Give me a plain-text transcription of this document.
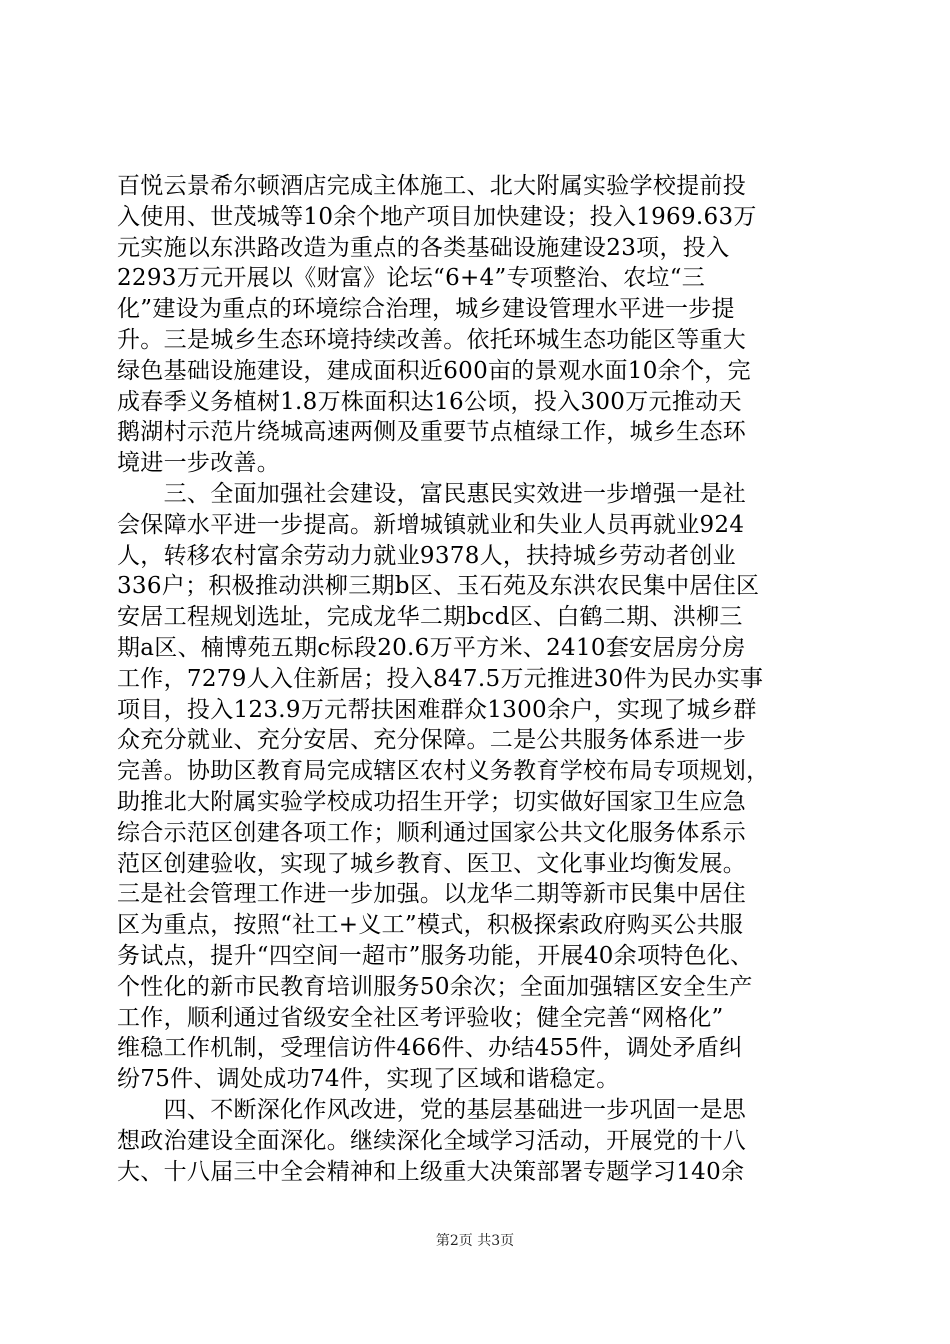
百悦云景希尔顿酒店完成主体施工、北大附属实验学校提前投
入使用、世茂城等10余个地产项目加快建设；投入1969.63万
元实施以东洪路改造为重点的各类基础设施建设23项，投入
2293万元开展以《财富》论坛“6+4”专项整治、农垃“三
化”建设为重点的环境综合治理，城乡建设管理水平进一步提
升。三是城乡生态环境持续改善。依托环城生态功能区等重大
绿色基础设施建设，建成面积近600亩的景观水面10余个，完
成春季义务植树1.8万株面积达16公顷，投入300万元推动天
鹅湖村示范片绕城高速两侧及重要节点植绿工作，城乡生态环
境进一步改善。
　　三、全面加强社会建设，富民惠民实效进一步增强一是社
会保障水平进一步提高。新增城镇就业和失业人员再就业924
人，转移农村富余劳动力就业9378人，扶持城乡劳动者创业
336户；积极推动洪柳三期b区、玉石苑及东洪农民集中居住区
安居工程规划选址，完成龙华二期bcd区、白鹤二期、洪柳三
期a区、楠博苑五期c标段20.6万平方米、2410套安居房分房
工作，7279人入住新居；投入847.5万元推进30件为民办实事
项目，投入123.9万元帮扶困难群众1300余户，实现了城乡群
众充分就业、充分安居、充分保障。二是公共服务体系进一步
完善。协助区教育局完成辖区农村义务教育学校布局专项规划，
助推北大附属实验学校成功招生开学；切实做好国家卫生应急
综合示范区创建各项工作；顺利通过国家公共文化服务体系示
范区创建验收，实现了城乡教育、医卫、文化事业均衡发展。
三是社会管理工作进一步加强。以龙华二期等新市民集中居住
区为重点，按照“社工+义工”模式，积极探索政府购买公共服
务试点，提升“四空间一超市”服务功能，开展40余项特色化、
个性化的新市民教育培训服务50余次；全面加强辖区安全生产
工作，顺利通过省级安全社区考评验收；健全完善“网格化”
维稳工作机制，受理信访件466件、办结455件，调处矛盾纠
纷75件、调处成功74件，实现了区域和谐稳定。
　　四、不断深化作风改进，党的基层基础进一步巩固一是思
想政治建设全面深化。继续深化全域学习活动，开展党的十八
大、十八届三中全会精神和上级重大决策部署专题学习140余
第2页 共3页
